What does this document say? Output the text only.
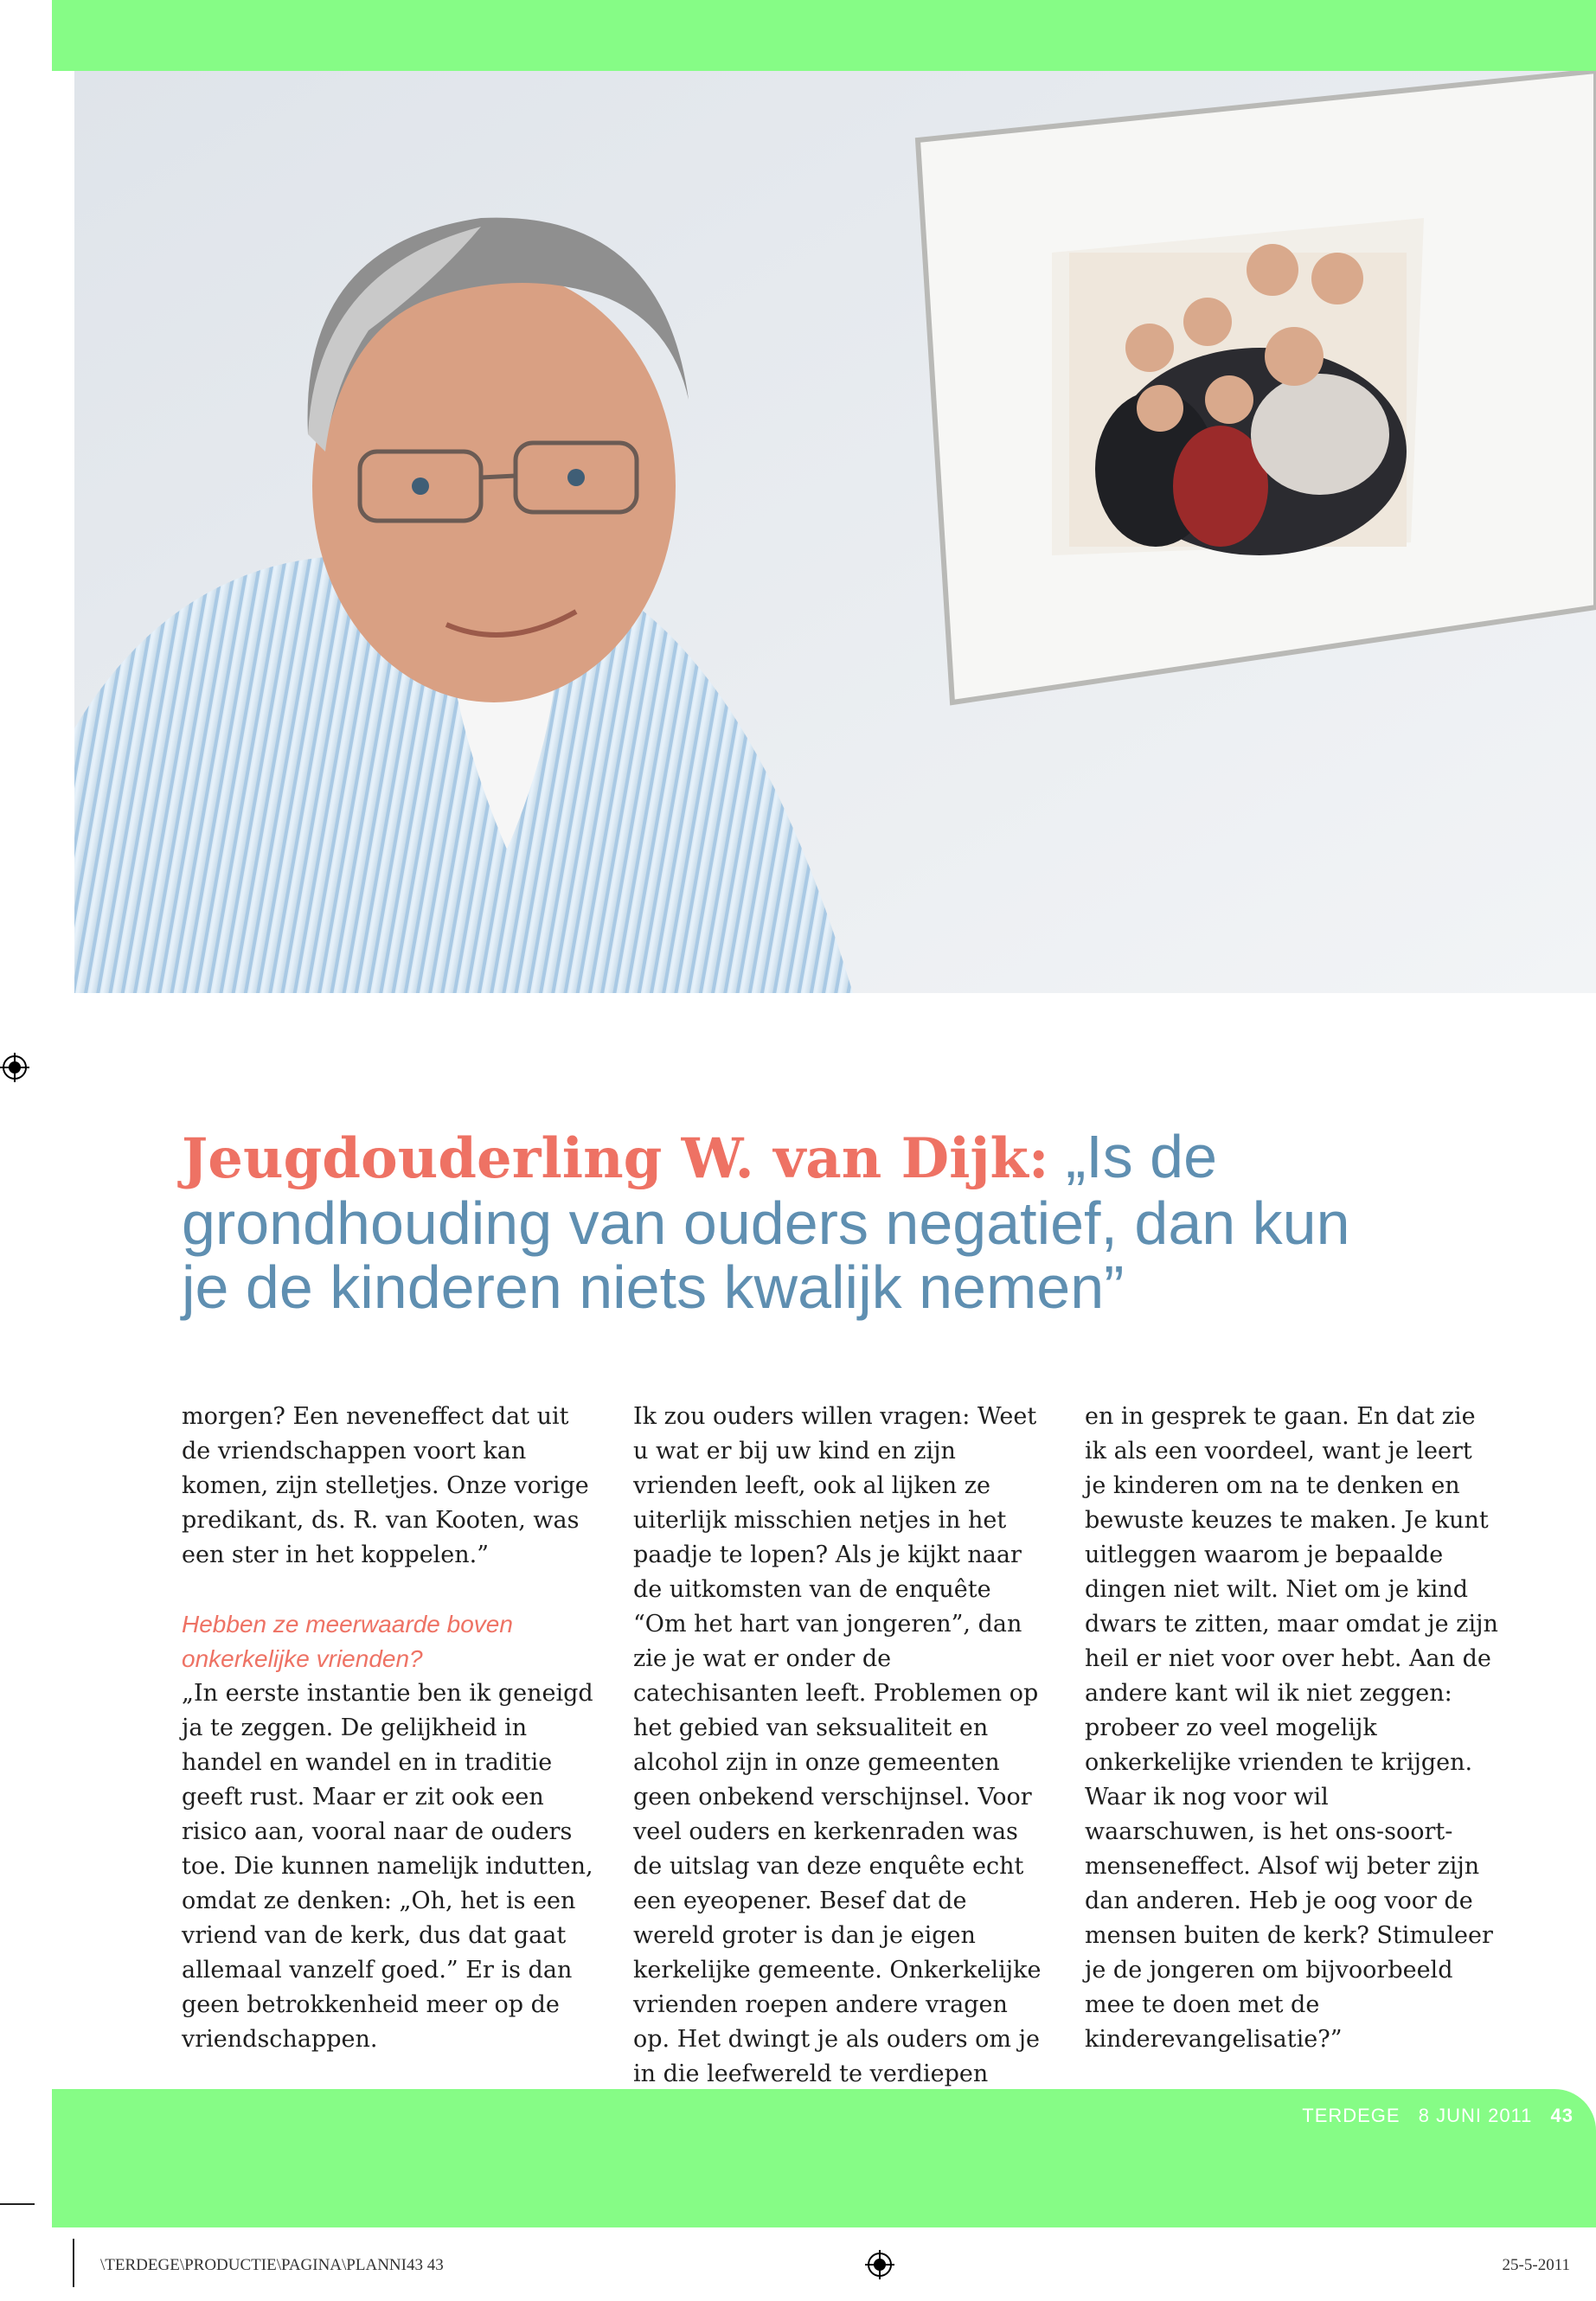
Jeugdouderling W. van Dijk: „Is de grondhouding van ouders negatief, dan kun je de kinderen niets kwalijk nemen”

morgen? Een neveneffect dat uit de vriendschappen voort kan komen, zijn stelletjes. Onze vorige predikant, ds. R. van Kooten, was een ster in het koppelen.”

Hebben ze meerwaarde boven onkerkelijke vrienden?

„In eerste instantie ben ik geneigd ja te zeggen. De gelijkheid in handel en wandel en in traditie geeft rust. Maar er zit ook een risico aan, vooral naar de ouders toe. Die kunnen namelijk indutten, omdat ze denken: „Oh, het is een vriend van de kerk, dus dat gaat allemaal vanzelf goed.” Er is dan geen betrokkenheid meer op de vriendschappen.

Ik zou ouders willen vragen: Weet u wat er bij uw kind en zijn vrienden leeft, ook al lijken ze uiterlijk misschien netjes in het paadje te lopen? Als je kijkt naar de uitkomsten van de enquête “Om het hart van jongeren”, dan zie je wat er onder de catechisanten leeft. Problemen op het gebied van seksualiteit en alcohol zijn in onze gemeenten geen onbekend verschijnsel. Voor veel ouders en kerkenraden was de uitslag van deze enquête echt een eyeopener. Besef dat de wereld groter is dan je eigen kerkelijke gemeente. Onkerkelijke vrienden roepen andere vragen op. Het dwingt je als ouders om je in die leefwereld te verdiepen

en in gesprek te gaan. En dat zie ik als een voordeel, want je leert je kinderen om na te denken en bewuste keuzes te maken. Je kunt uitleggen waarom je bepaalde dingen niet wilt. Niet om je kind dwars te zitten, maar omdat je zijn heil er niet voor over hebt. Aan de andere kant wil ik niet zeggen: probeer zo veel mogelijk onkerkelijke vrienden te krijgen.

Waar ik nog voor wil waarschuwen, is het ons-soort-menseneffect. Alsof wij beter zijn dan anderen. Heb je oog voor de mensen buiten de kerk? Stimuleer je de jongeren om bijvoorbeeld mee te doen met de kinderevangelisatie?”

TERDEGE 8 JUNI 2011 43
\TERDEGE\PRODUCTIE\PAGINA\PLANNI43 43	25-5-2011
